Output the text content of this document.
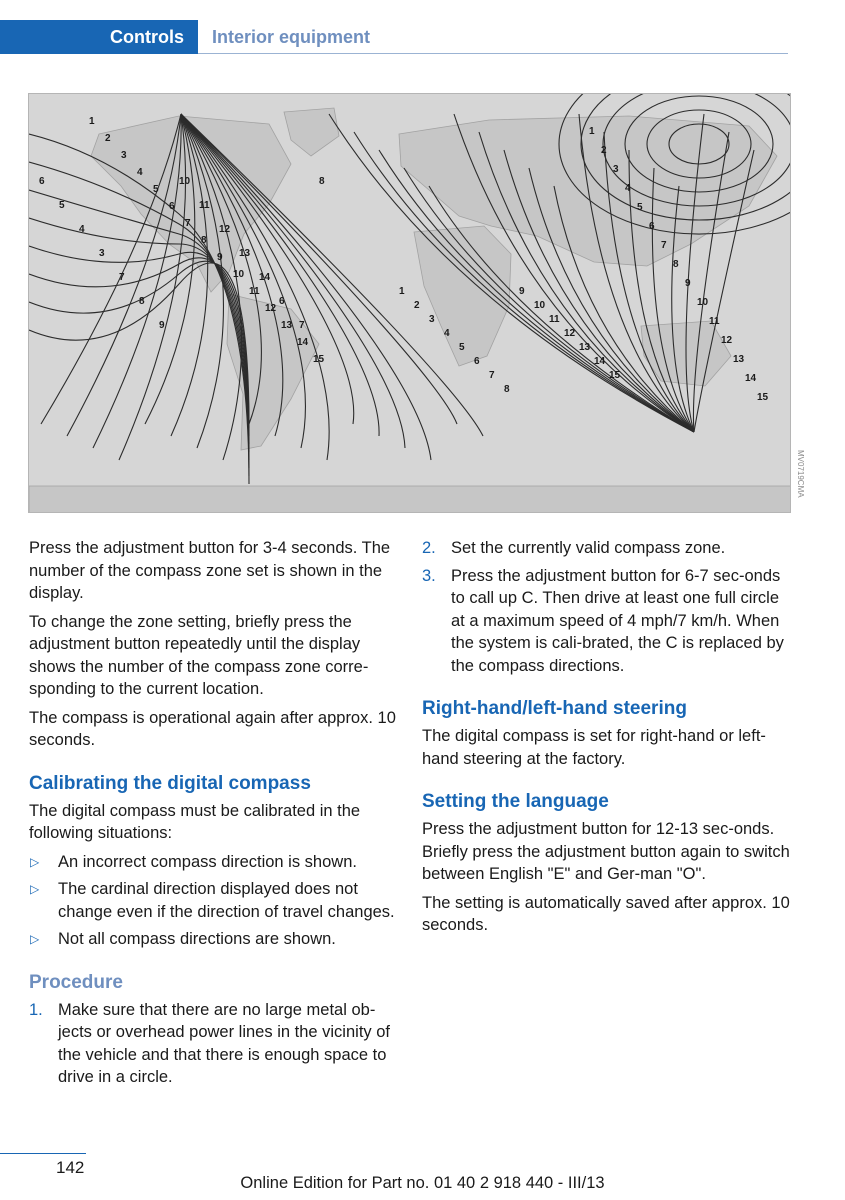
Controls	Interior equipment
1
2
3
4
5
6
7
8
9
10
11
12
13
14
15
1
2
3
4
5
6
7
8
9
10
11
12
13
14
15
1
2
3
4
5
6
7
8
9
10
11
12
13
14
15
6
5
4
3
7
8
9
10
11
12
13
14
6
7
8
MV0719CMA

Press the adjustment button for 3-4 seconds. The number of the compass zone set is shown in the display.

To change the zone setting, briefly press the adjustment button repeatedly until the display shows the number of the compass zone corre‐sponding to the current location.

The compass is operational again after approx. 10 seconds.

Calibrating the digital compass

The digital compass must be calibrated in the following situations:

▷ An incorrect compass direction is shown.
▷ The cardinal direction displayed does not change even if the direction of travel changes.
▷ Not all compass directions are shown.
Procedure
1. Make sure that there are no large metal ob‐jects or overhead power lines in the vicinity of the vehicle and that there is enough space to drive in a circle.
2. Set the currently valid compass zone.
3. Press the adjustment button for 6-7 sec‐onds to call up C. Then drive at least one full circle at a maximum speed of 4 mph/7 km/h. When the system is cali‐brated, the C is replaced by the compass directions.
Right-hand/left-hand steering

The digital compass is set for right-hand or left-hand steering at the factory.

Setting the language

Press the adjustment button for 12-13 sec‐onds. Briefly press the adjustment button again to switch between English "E" and Ger‐man "O".

The setting is automatically saved after approx. 10 seconds.

142
Online Edition for Part no. 01 40 2 918 440 - III/13
